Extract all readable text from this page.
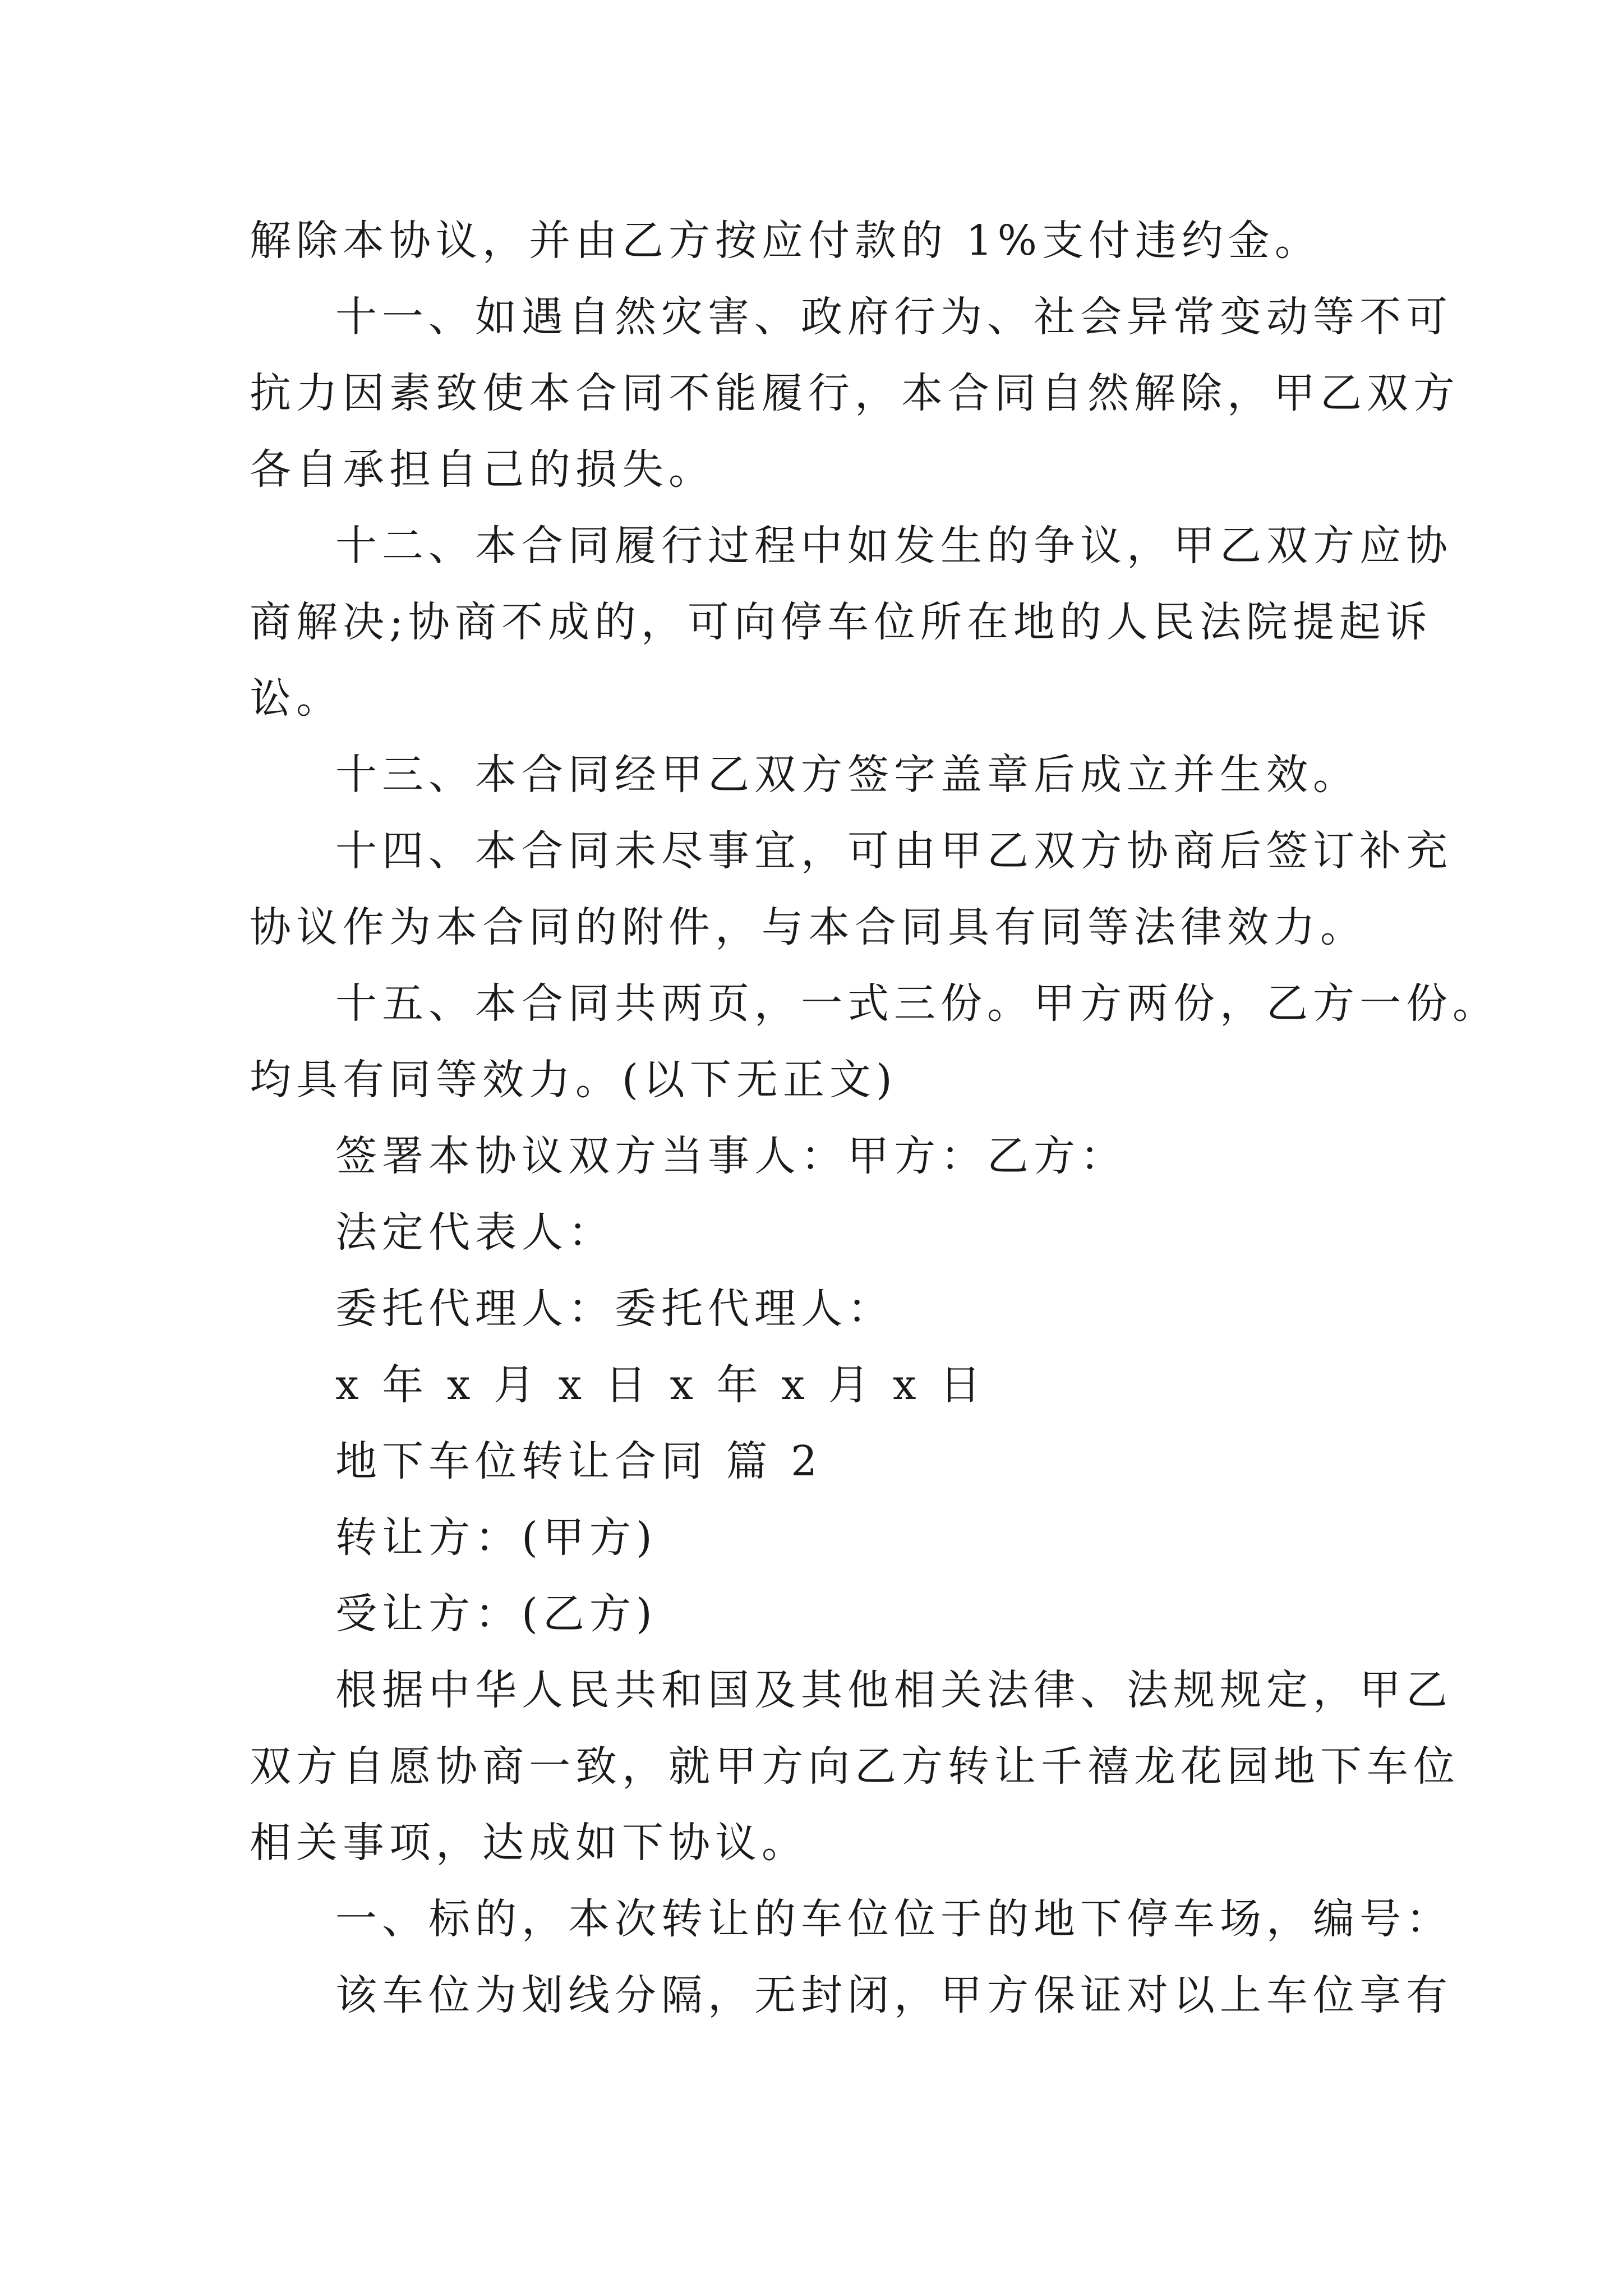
解除本协议，并由乙方按应付款的 1%支付违约金。
十一、如遇自然灾害、政府行为、社会异常变动等不可
抗力因素致使本合同不能履行，本合同自然解除，甲乙双方
各自承担自己的损失。
十二、本合同履行过程中如发生的争议，甲乙双方应协
商解决;协商不成的，可向停车位所在地的人民法院提起诉
讼。
十三、本合同经甲乙双方签字盖章后成立并生效。
十四、本合同未尽事宜，可由甲乙双方协商后签订补充
协议作为本合同的附件，与本合同具有同等法律效力。
十五、本合同共两页，一式三份。甲方两份，乙方一份。
均具有同等效力。(以下无正文)
签署本协议双方当事人：甲方：乙方：
法定代表人：
委托代理人：委托代理人：
x 年 x 月 x 日 x 年 x 月 x 日
地下车位转让合同 篇 2
转让方：(甲方)
受让方：(乙方)
根据中华人民共和国及其他相关法律、法规规定，甲乙
双方自愿协商一致，就甲方向乙方转让千禧龙花园地下车位
相关事项，达成如下协议。
一、标的，本次转让的车位位于的地下停车场，编号：
该车位为划线分隔，无封闭，甲方保证对以上车位享有
